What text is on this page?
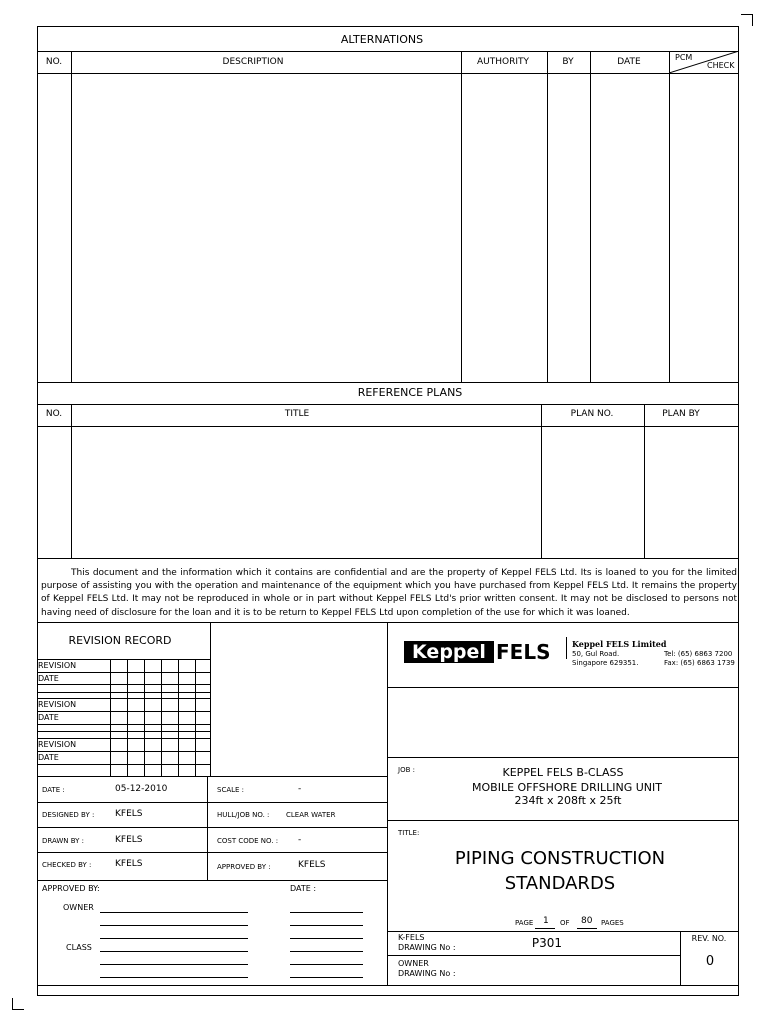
ALTERNATIONS
NO.	DESCRIPTION	AUTHORITY	BY	DATE	PCM
CHECK
REFERENCE PLANS
NO.	TITLE	PLAN NO.	PLAN BY

This document and the information which it contains are confidential and are the property of Keppel FELS Ltd. Its is loaned to you for the limited purpose of assisting you with the operation and maintenance of the equipment which you have purchased from Keppel FELS Ltd. It remains the property of Keppel FELS Ltd. It may not be reproduced in whole or in part without Keppel FELS Ltd's prior written consent. It may not be disclosed to persons not having need of disclosure for the loan and it is to be return to Keppel FELS Ltd upon completion of the use for which it was loaned.

REVISION RECORD
REVISION
DATE
REVISION
DATE
REVISION
DATE
Keppel FELS	Keppel FELS Limited
50, Gul Road.
Singapore 629351.
Tel: (65) 6863 7200
Fax: (65) 6863 1739
DATE :	05-12-2010	SCALE :	-
DESIGNED BY : KFELS	HULL/JOB NO. : CLEAR WATER
DRAWN BY :	KFELS	COST CODE NO. : -
CHECKED BY :	KFELS	APPROVED BY :	KFELS
APPROVED BY:	DATE :
OWNER
CLASS
JOB :	KEPPEL FELS B-CLASS
MOBILE OFFSHORE DRILLING UNIT
234ft x 208ft x 25ft
TITLE:
PIPING CONSTRUCTION
STANDARDS
PAGE 1 OF 80 PAGES
K-FELS
DRAWING No :	P301
OWNER
DRAWING No :
REV. NO.
0
